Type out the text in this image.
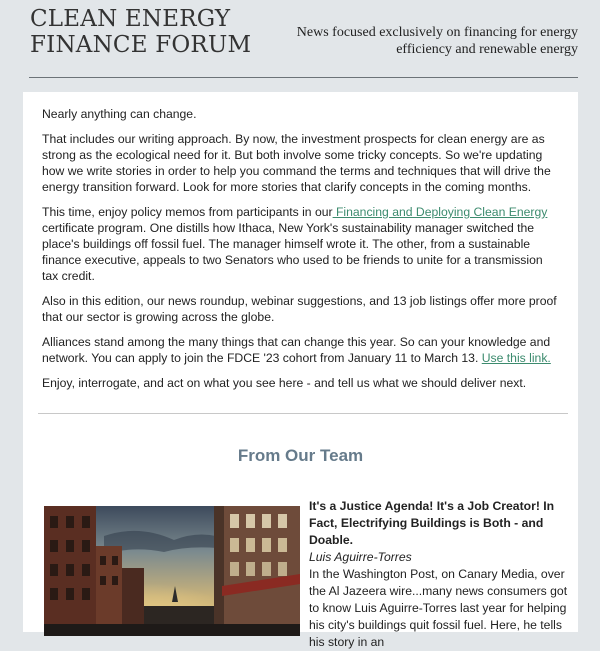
CLEAN ENERGY
FINANCE FORUM	News focused exclusively on financing for energy efficiency and renewable energy

Nearly anything can change.

That includes our writing approach. By now, the investment prospects for clean energy are as strong as the ecological need for it. But both involve some tricky concepts. So we're updating how we write stories in order to help you command the terms and techniques that will drive the energy transition forward. Look for more stories that clarify concepts in the coming months.

This time, enjoy policy memos from participants in our Financing and Deploying Clean Energy certificate program. One distills how Ithaca, New York's sustainability manager switched the place's buildings off fossil fuel. The manager himself wrote it. The other, from a sustainable finance executive, appeals to two Senators who used to be friends to unite for a transmission tax credit.

Also in this edition, our news roundup, webinar suggestions, and 13 job listings offer more proof that our sector is growing across the globe.

Alliances stand among the many things that can change this year. So can your knowledge and network. You can apply to join the FDCE '23 cohort from January 11 to March 13. Use this link.

Enjoy, interrogate, and act on what you see here - and tell us what we should deliver next.

From Our Team

It's a Justice Agenda! It's a Job Creator! In Fact, Electrifying Buildings is Both - and Doable.

Luis Aguirre-Torres

In the Washington Post, on Canary Media, over the Al Jazeera wire...many news consumers got to know Luis Aguirre-Torres last year for helping his city's buildings quit fossil fuel. Here, he tells his story in an
